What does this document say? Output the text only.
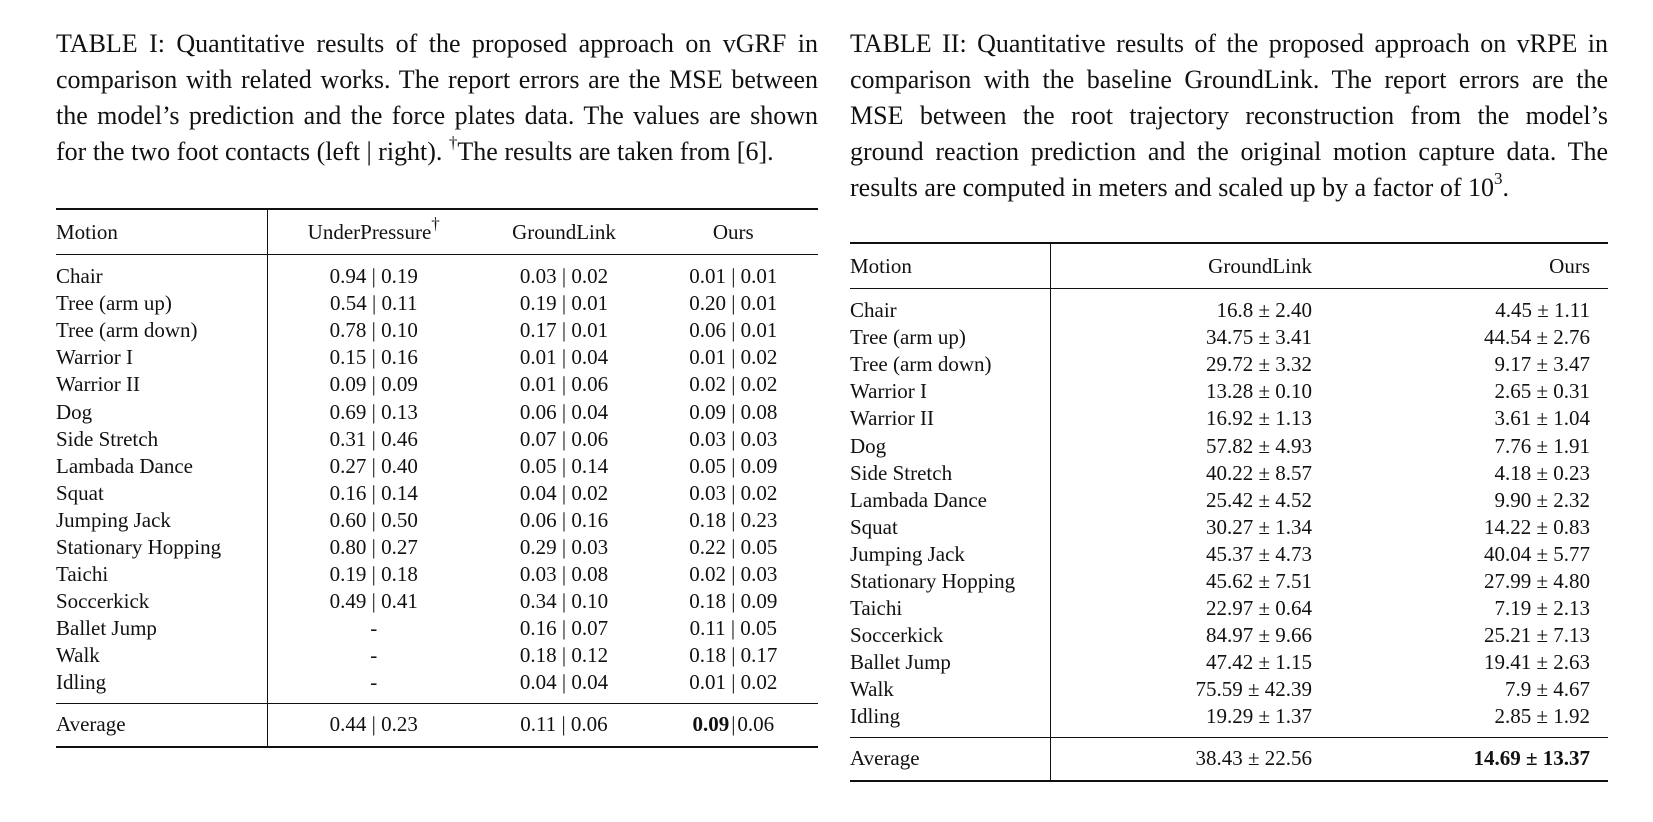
TABLE I: Quantitative results of the proposed approach on vGRF in comparison with related works. The report errors are the MSE between the model’s prediction and the force plates data. The values are shown for the two foot contacts (left | right). †The results are taken from [6].

Motion	UnderPressure†	GroundLink	Ours
Chair	0.94 | 0.19	0.03 | 0.02	0.01 | 0.01
Tree (arm up)	0.54 | 0.11	0.19 | 0.01	0.20 | 0.01
Tree (arm down)	0.78 | 0.10	0.17 | 0.01	0.06 | 0.01
Warrior I	0.15 | 0.16	0.01 | 0.04	0.01 | 0.02
Warrior II	0.09 | 0.09	0.01 | 0.06	0.02 | 0.02
Dog	0.69 | 0.13	0.06 | 0.04	0.09 | 0.08
Side Stretch	0.31 | 0.46	0.07 | 0.06	0.03 | 0.03
Lambada Dance	0.27 | 0.40	0.05 | 0.14	0.05 | 0.09
Squat	0.16 | 0.14	0.04 | 0.02	0.03 | 0.02
Jumping Jack	0.60 | 0.50	0.06 | 0.16	0.18 | 0.23
Stationary Hopping	0.80 | 0.27	0.29 | 0.03	0.22 | 0.05
Taichi	0.19 | 0.18	0.03 | 0.08	0.02 | 0.03
Soccerkick	0.49 | 0.41	0.34 | 0.10	0.18 | 0.09
Ballet Jump	-	0.16 | 0.07	0.11 | 0.05
Walk	-	0.18 | 0.12	0.18 | 0.17
Idling	-	0.04 | 0.04	0.01 | 0.02
Average	0.44 | 0.23	0.11 | 0.06	0.09|0.06

TABLE II: Quantitative results of the proposed approach on vRPE in comparison with the baseline GroundLink. The report errors are the MSE between the root trajectory reconstruction from the model’s ground reaction prediction and the original motion capture data. The results are computed in meters and scaled up by a factor of $10^3$.

Motion	GroundLink	Ours
Chair	16.8 ± 2.40	4.45 ± 1.11
Tree (arm up)	34.75 ± 3.41	44.54 ± 2.76
Tree (arm down)	29.72 ± 3.32	9.17 ± 3.47
Warrior I	13.28 ± 0.10	2.65 ± 0.31
Warrior II	16.92 ± 1.13	3.61 ± 1.04
Dog	57.82 ± 4.93	7.76 ± 1.91
Side Stretch	40.22 ± 8.57	4.18 ± 0.23
Lambada Dance	25.42 ± 4.52	9.90 ± 2.32
Squat	30.27 ± 1.34	14.22 ± 0.83
Jumping Jack	45.37 ± 4.73	40.04 ± 5.77
Stationary Hopping	45.62 ± 7.51	27.99 ± 4.80
Taichi	22.97 ± 0.64	7.19 ± 2.13
Soccerkick	84.97 ± 9.66	25.21 ± 7.13
Ballet Jump	47.42 ± 1.15	19.41 ± 2.63
Walk	75.59 ± 42.39	7.9 ± 4.67
Idling	19.29 ± 1.37	2.85 ± 1.92
Average	38.43 ± 22.56	14.69 ± 13.37
